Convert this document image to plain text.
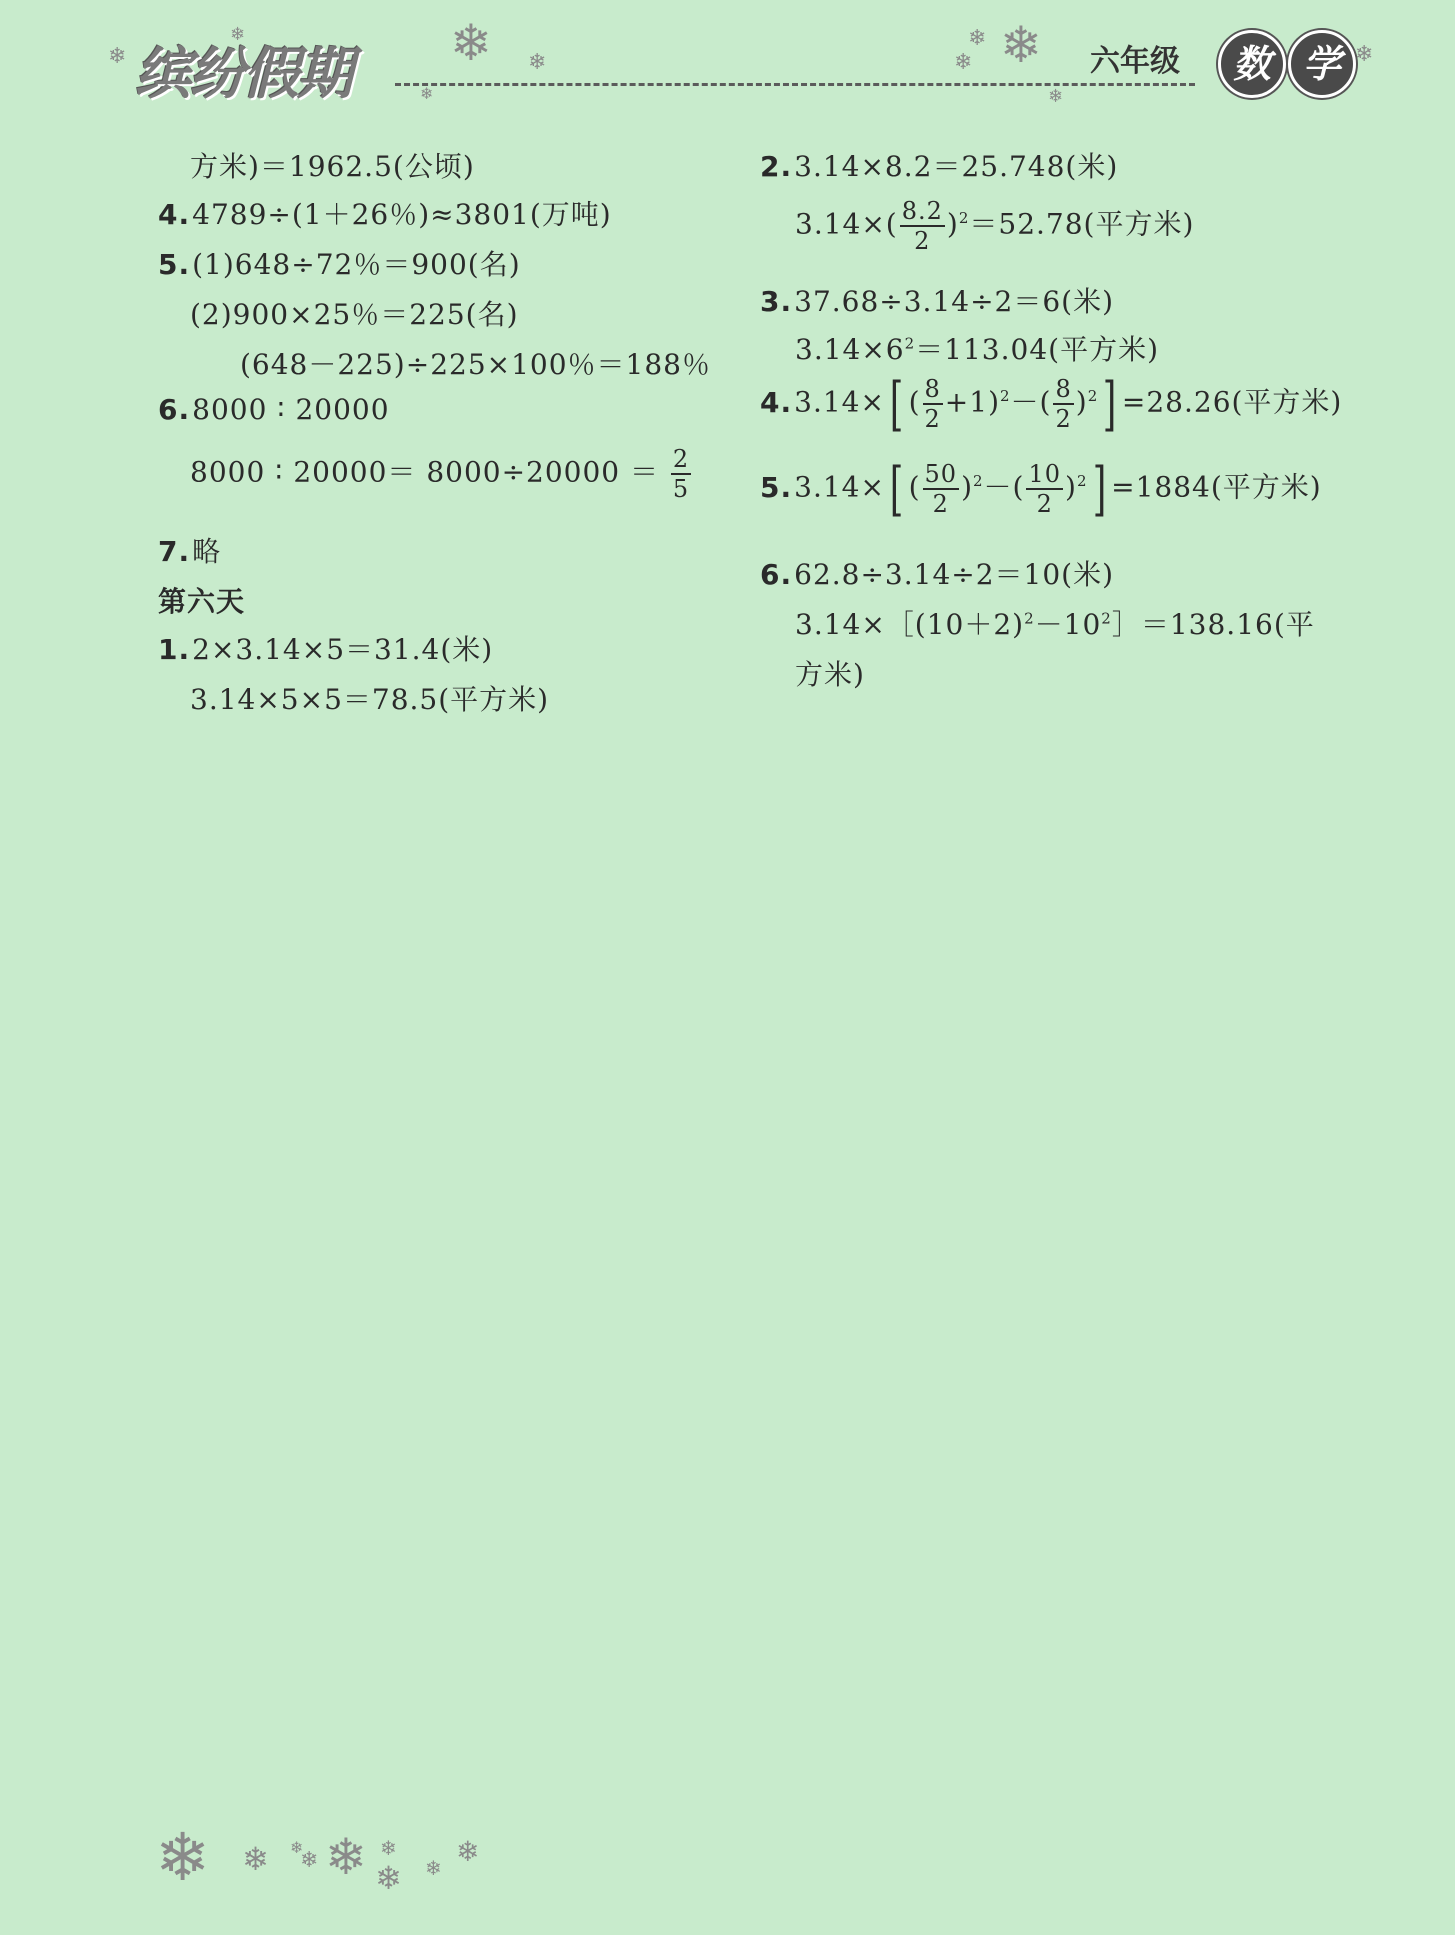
缤纷假期	六年级	数 学
❄
❄	❄ ❄
❄
❄ ❄
❄
❄
❄
方米)＝1962.5(公顷)
4.4789÷(1＋26％)≈3801(万吨)
5.(1)648÷72％＝900(名)
(2)900×25％＝225(名)
(648－225)÷225×100％＝188％
6.8000 ∶ 20000
8000 ∶ $20000= 8000\div 20000 = \frac{2}{5}$
7.略
第六天
1.2×3.14×5＝31.4(米)
3.14×5×5＝78.5(平方米)
2.3.14×8.2＝25.748(米)
$3.14\times( \frac{8.2}{2} )^2=52.78$(平方米)
3.37.68÷3.14÷2＝6(米)
$3.14\times 6^2=113.04$(平方米)
4.3.14×[ ( $\frac{8}{2} +1)^2-( \frac{8}{2} )^2] =28.26$(平方米)
5.3.14×[ ( $\frac{50}{2} )^2-( \frac{10}{2} )^2] =1884$(平方米)
6.62.8÷3.14÷2＝10(米)
$3.14\times[(10+2)^2-10^2]=138.16$(平
方米)
❄ ❄ ❄
❄ ❄ ❄
❄ ❄ ❄
